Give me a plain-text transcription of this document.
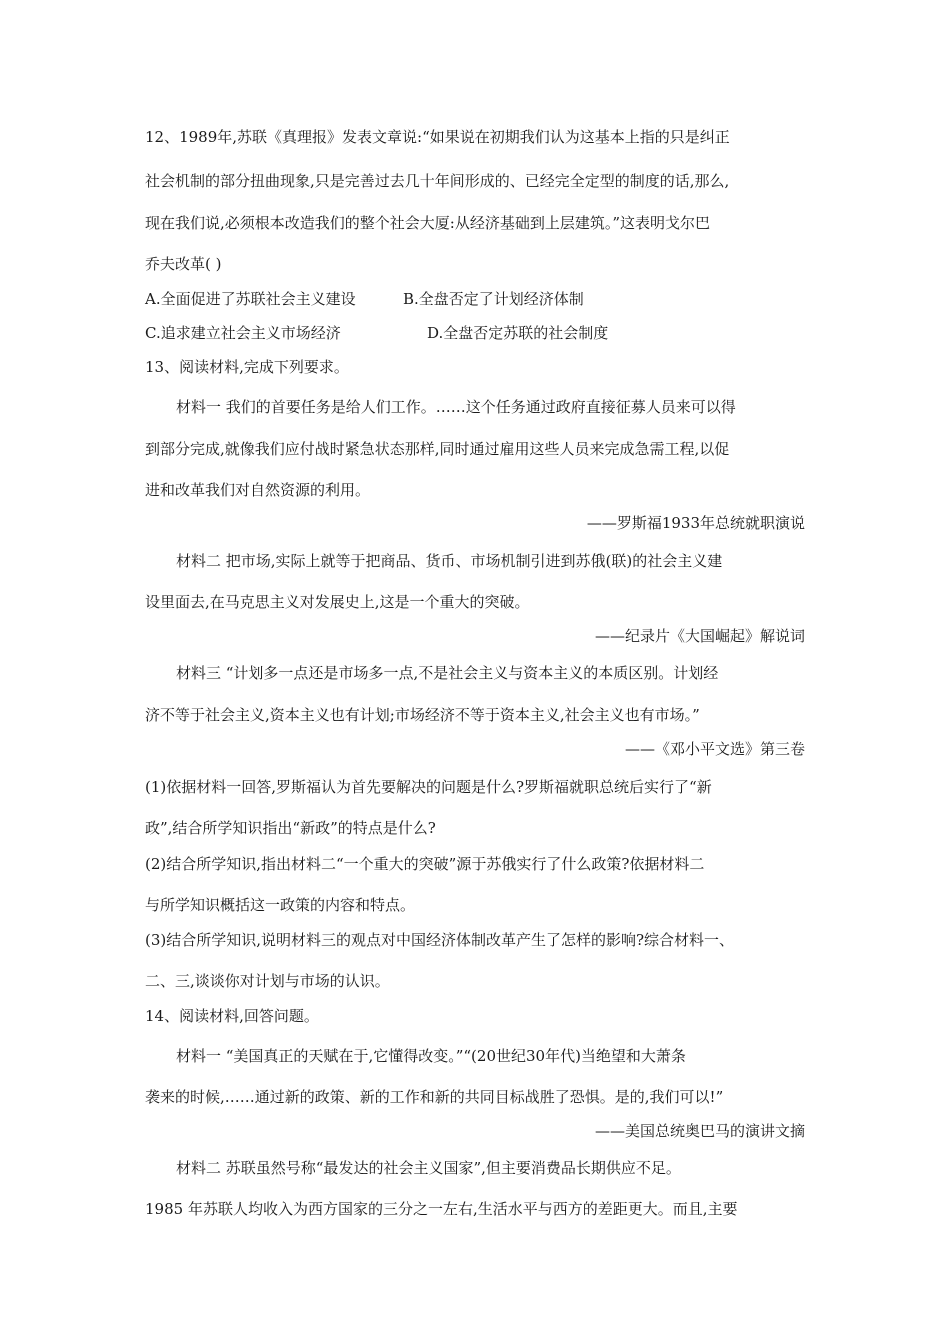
12、1989年,苏联《真理报》发表文章说:“如果说在初期我们认为这基本上指的只是纠正
社会机制的部分扭曲现象,只是完善过去几十年间形成的、已经完全定型的制度的话,那么,
现在我们说,必须根本改造我们的整个社会大厦:从经济基础到上层建筑。”这表明戈尔巴
乔夫改革( )
A.全面促进了苏联社会主义建设	B.全盘否定了计划经济体制
C.追求建立社会主义市场经济	D.全盘否定苏联的社会制度
13、阅读材料,完成下列要求。
材料一 我们的首要任务是给人们工作。……这个任务通过政府直接征募人员来可以得
到部分完成,就像我们应付战时紧急状态那样,同时通过雇用这些人员来完成急需工程,以促
进和改革我们对自然资源的利用。
——罗斯福1933年总统就职演说
材料二 把市场,实际上就等于把商品、货币、市场机制引进到苏俄(联)的社会主义建
设里面去,在马克思主义对发展史上,这是一个重大的突破。
——纪录片《大国崛起》解说词
材料三 “计划多一点还是市场多一点,不是社会主义与资本主义的本质区别。计划经
济不等于社会主义,资本主义也有计划;市场经济不等于资本主义,社会主义也有市场。”
——《邓小平文选》第三卷
(1)依据材料一回答,罗斯福认为首先要解决的问题是什么?罗斯福就职总统后实行了“新
政”,结合所学知识指出“新政”的特点是什么?
(2)结合所学知识,指出材料二“一个重大的突破”源于苏俄实行了什么政策?依据材料二
与所学知识概括这一政策的内容和特点。
(3)结合所学知识,说明材料三的观点对中国经济体制改革产生了怎样的影响?综合材料一、
二、三,谈谈你对计划与市场的认识。
14、阅读材料,回答问题。
材料一 “美国真正的天赋在于,它懂得改变。”“(20世纪30年代)当绝望和大萧条
袭来的时候,……通过新的政策、新的工作和新的共同目标战胜了恐惧。是的,我们可以!”
——美国总统奥巴马的演讲文摘
材料二 苏联虽然号称“最发达的社会主义国家”,但主要消费品长期供应不足。
1985 年苏联人均收入为西方国家的三分之一左右,生活水平与西方的差距更大。而且,主要
